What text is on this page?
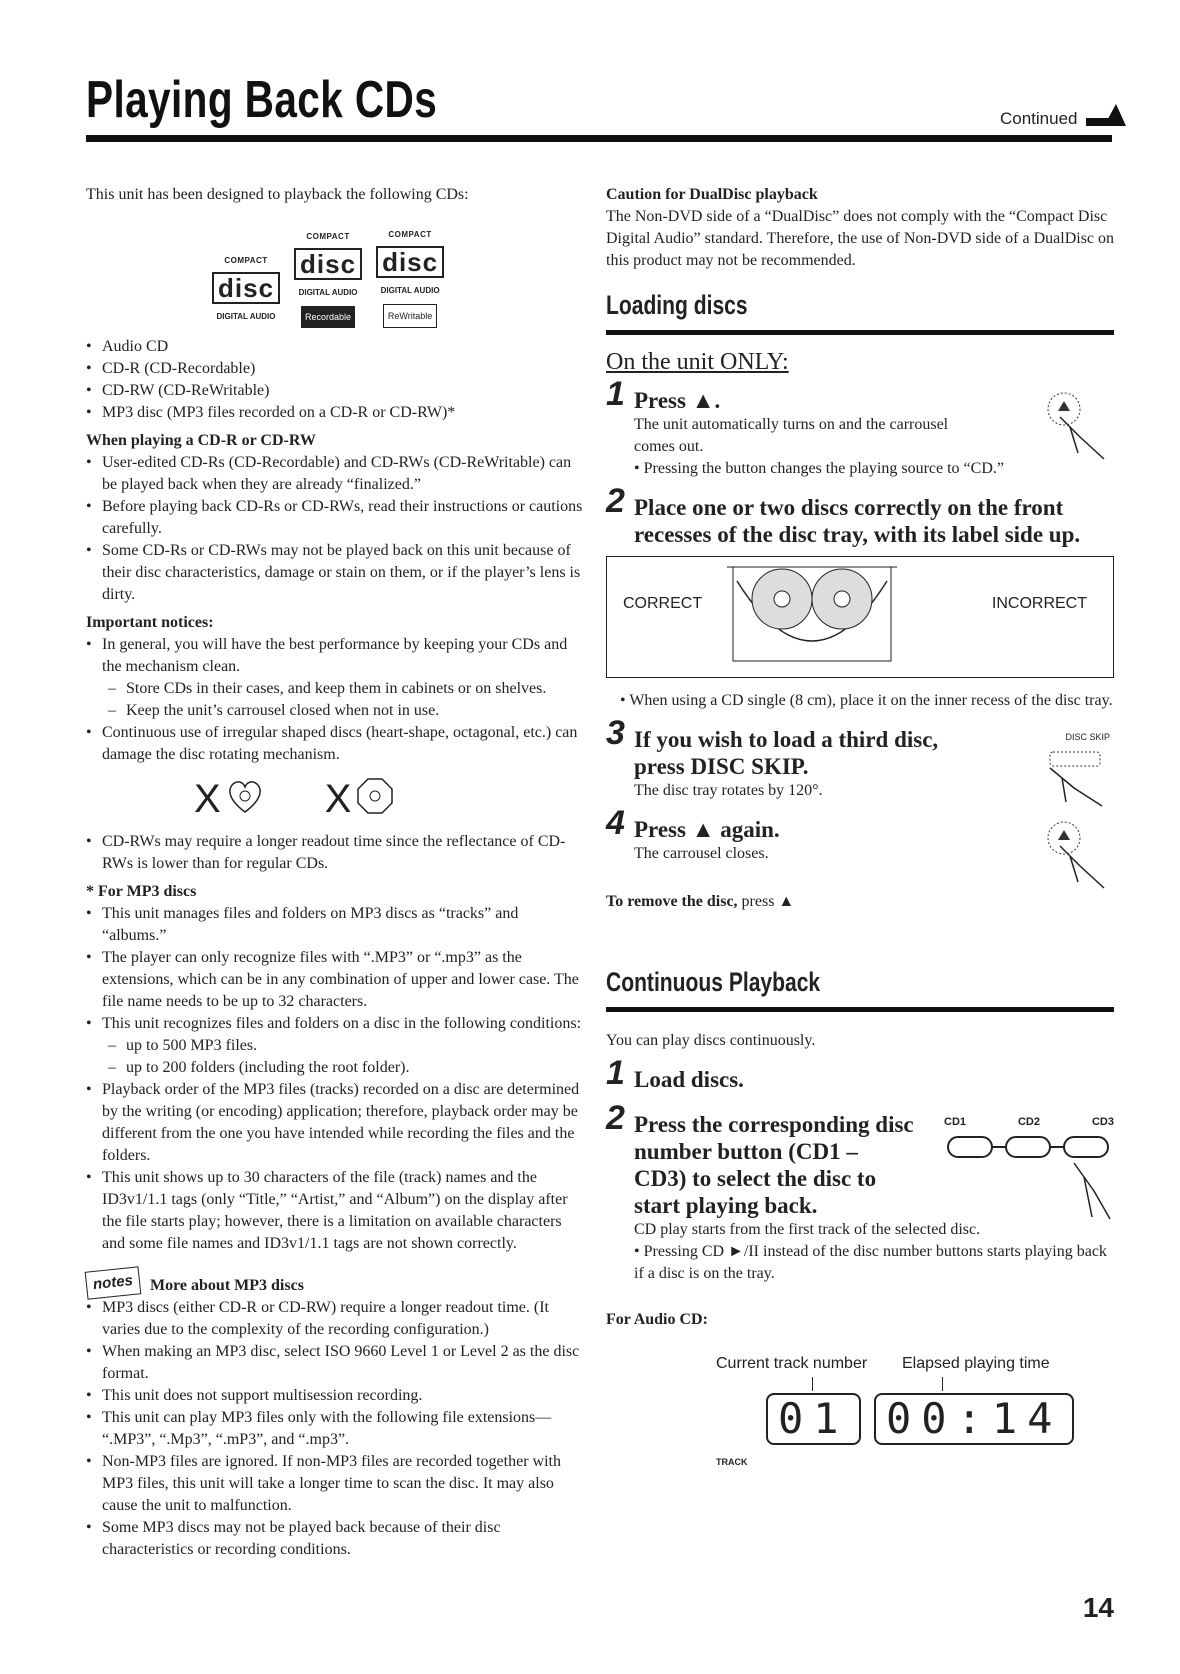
Playing Back CDs	Continued

This unit has been designed to playback the following CDs:

COMPACT
disc
DIGITAL AUDIO
COMPACT
disc
DIGITAL AUDIO
Recordable
COMPACT
disc
DIGITAL AUDIO
ReWritable
• Audio CD
• CD-R (CD-Recordable)
• CD-RW (CD-ReWritable)
• MP3 disc (MP3 files recorded on a CD-R or CD-RW)*

When playing a CD-R or CD-RW

• User-edited CD-Rs (CD-Recordable) and CD-RWs (CD-ReWritable) can be played back when they are already “finalized.”
• Before playing back CD-Rs or CD-RWs, read their instructions or cautions carefully.
• Some CD-Rs or CD-RWs may not be played back on this unit because of their disc characteristics, damage or stain on them, or if the player’s lens is dirty.

Important notices:

• In general, you will have the best performance by keeping your CDs and the mechanism clean.
– Store CDs in their cases, and keep them in cabinets or on shelves.
– Keep the unit’s carrousel closed when not in use.
• Continuous use of irregular shaped discs (heart-shape, octagonal, etc.) can damage the disc rotating mechanism.
X	X
• CD-RWs may require a longer readout time since the reflectance of CD-RWs is lower than for regular CDs.

* For MP3 discs

• This unit manages files and folders on MP3 discs as “tracks” and “albums.”
• The player can only recognize files with “.MP3” or “.mp3” as the extensions, which can be in any combination of upper and lower case. The file name needs to be up to 32 characters.
• This unit recognizes files and folders on a disc in the following conditions:
– up to 500 MP3 files.
– up to 200 folders (including the root folder).
• Playback order of the MP3 files (tracks) recorded on a disc are determined by the writing (or encoding) application; therefore, playback order may be different from the one you have intended while recording the files and the folders.
• This unit shows up to 30 characters of the file (track) names and the ID3v1/1.1 tags (only “Title,” “Artist,” and “Album”) on the display after the file starts play; however, there is a limitation on available characters and some file names and ID3v1/1.1 tags are not shown correctly.
notes	More about MP3 discs
• MP3 discs (either CD-R or CD-RW) require a longer readout time. (It varies due to the complexity of the recording configuration.)
• When making an MP3 disc, select ISO 9660 Level 1 or Level 2 as the disc format.
• This unit does not support multisession recording.
• This unit can play MP3 files only with the following file extensions— “.MP3”, “.Mp3”, “.mP3”, and “.mp3”.
• Non-MP3 files are ignored. If non-MP3 files are recorded together with MP3 files, this unit will take a longer time to scan the disc. It may also cause the unit to malfunction.
• Some MP3 discs may not be played back because of their disc characteristics or recording conditions.

Caution for DualDisc playback

The Non-DVD side of a “DualDisc” does not comply with the “Compact Disc Digital Audio” standard. Therefore, the use of Non-DVD side of a DualDisc on this product may not be recommended.

Loading discs
On the unit ONLY:
1 Press ▲.
The unit automatically turns on and the carrousel comes out.
• Pressing the button changes the playing source to “CD.”
2 Place one or two discs correctly on the front recesses of the disc tray, with its label side up.
CORRECT	INCORRECT
• When using a CD single (8 cm), place it on the inner recess of the disc tray.
3 If you wish to load a third disc, press DISC SKIP.
The disc tray rotates by 120°.
DISC SKIP
4 Press ▲ again.
The carrousel closes.

To remove the disc, press ▲

Continuous Playback

You can play discs continuously.

1 Load discs.
2 Press the corresponding disc number button (CD1 – CD3) to select the disc to start playing back.
CD1	CD2	CD3
CD play starts from the first track of the selected disc.
• Pressing CD ►/II instead of the disc number buttons starts playing back if a disc is on the tray.

For Audio CD:

Current track number Elapsed playing time
01 00:14
TRACK
14
